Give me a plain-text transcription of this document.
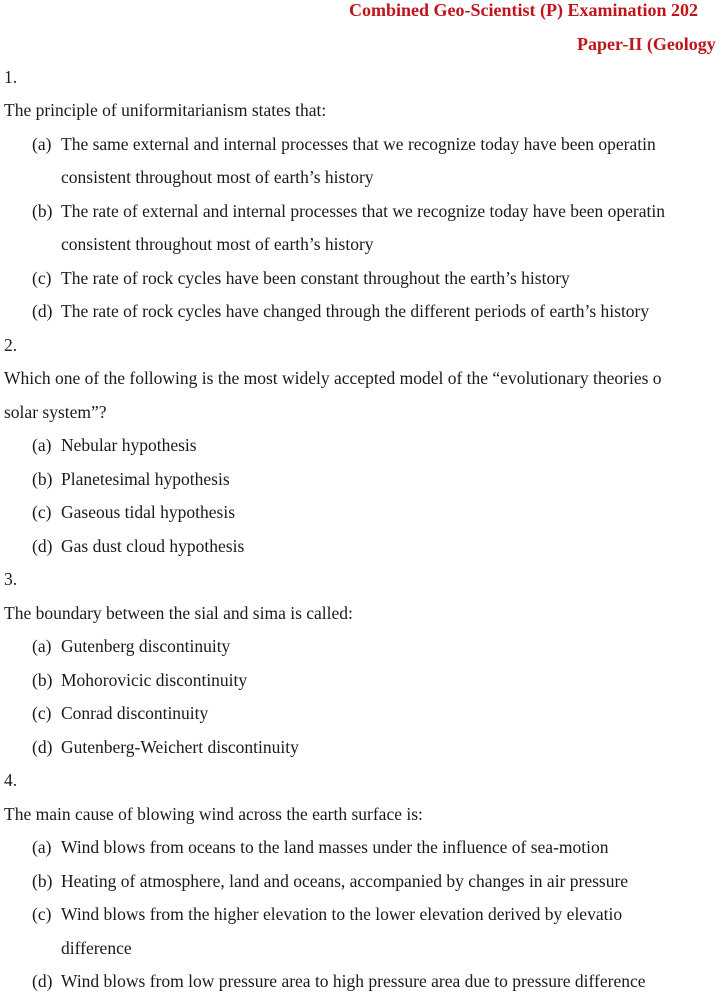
Combined Geo-Scientist (P) Examination 202
Paper-II (Geology
1.
The principle of uniformitarianism states that:
(a) The same external and internal processes that we recognize today have been operatin
consistent throughout most of earth’s history
(b) The rate of external and internal processes that we recognize today have been operatin
consistent throughout most of earth’s history
(c) The rate of rock cycles have been constant throughout the earth’s history
(d) The rate of rock cycles have changed through the different periods of earth’s history
2.
Which one of the following is the most widely accepted model of the “evolutionary theories o
solar system”?
(a) Nebular hypothesis
(b) Planetesimal hypothesis
(c) Gaseous tidal hypothesis
(d) Gas dust cloud hypothesis
3.
The boundary between the sial and sima is called:
(a) Gutenberg discontinuity
(b) Mohorovicic discontinuity
(c) Conrad discontinuity
(d) Gutenberg-Weichert discontinuity
4.
The main cause of blowing wind across the earth surface is:
(a) Wind blows from oceans to the land masses under the influence of sea-motion
(b) Heating of atmosphere, land and oceans, accompanied by changes in air pressure
(c) Wind blows from the higher elevation to the lower elevation derived by elevatio
difference
(d) Wind blows from low pressure area to high pressure area due to pressure difference
